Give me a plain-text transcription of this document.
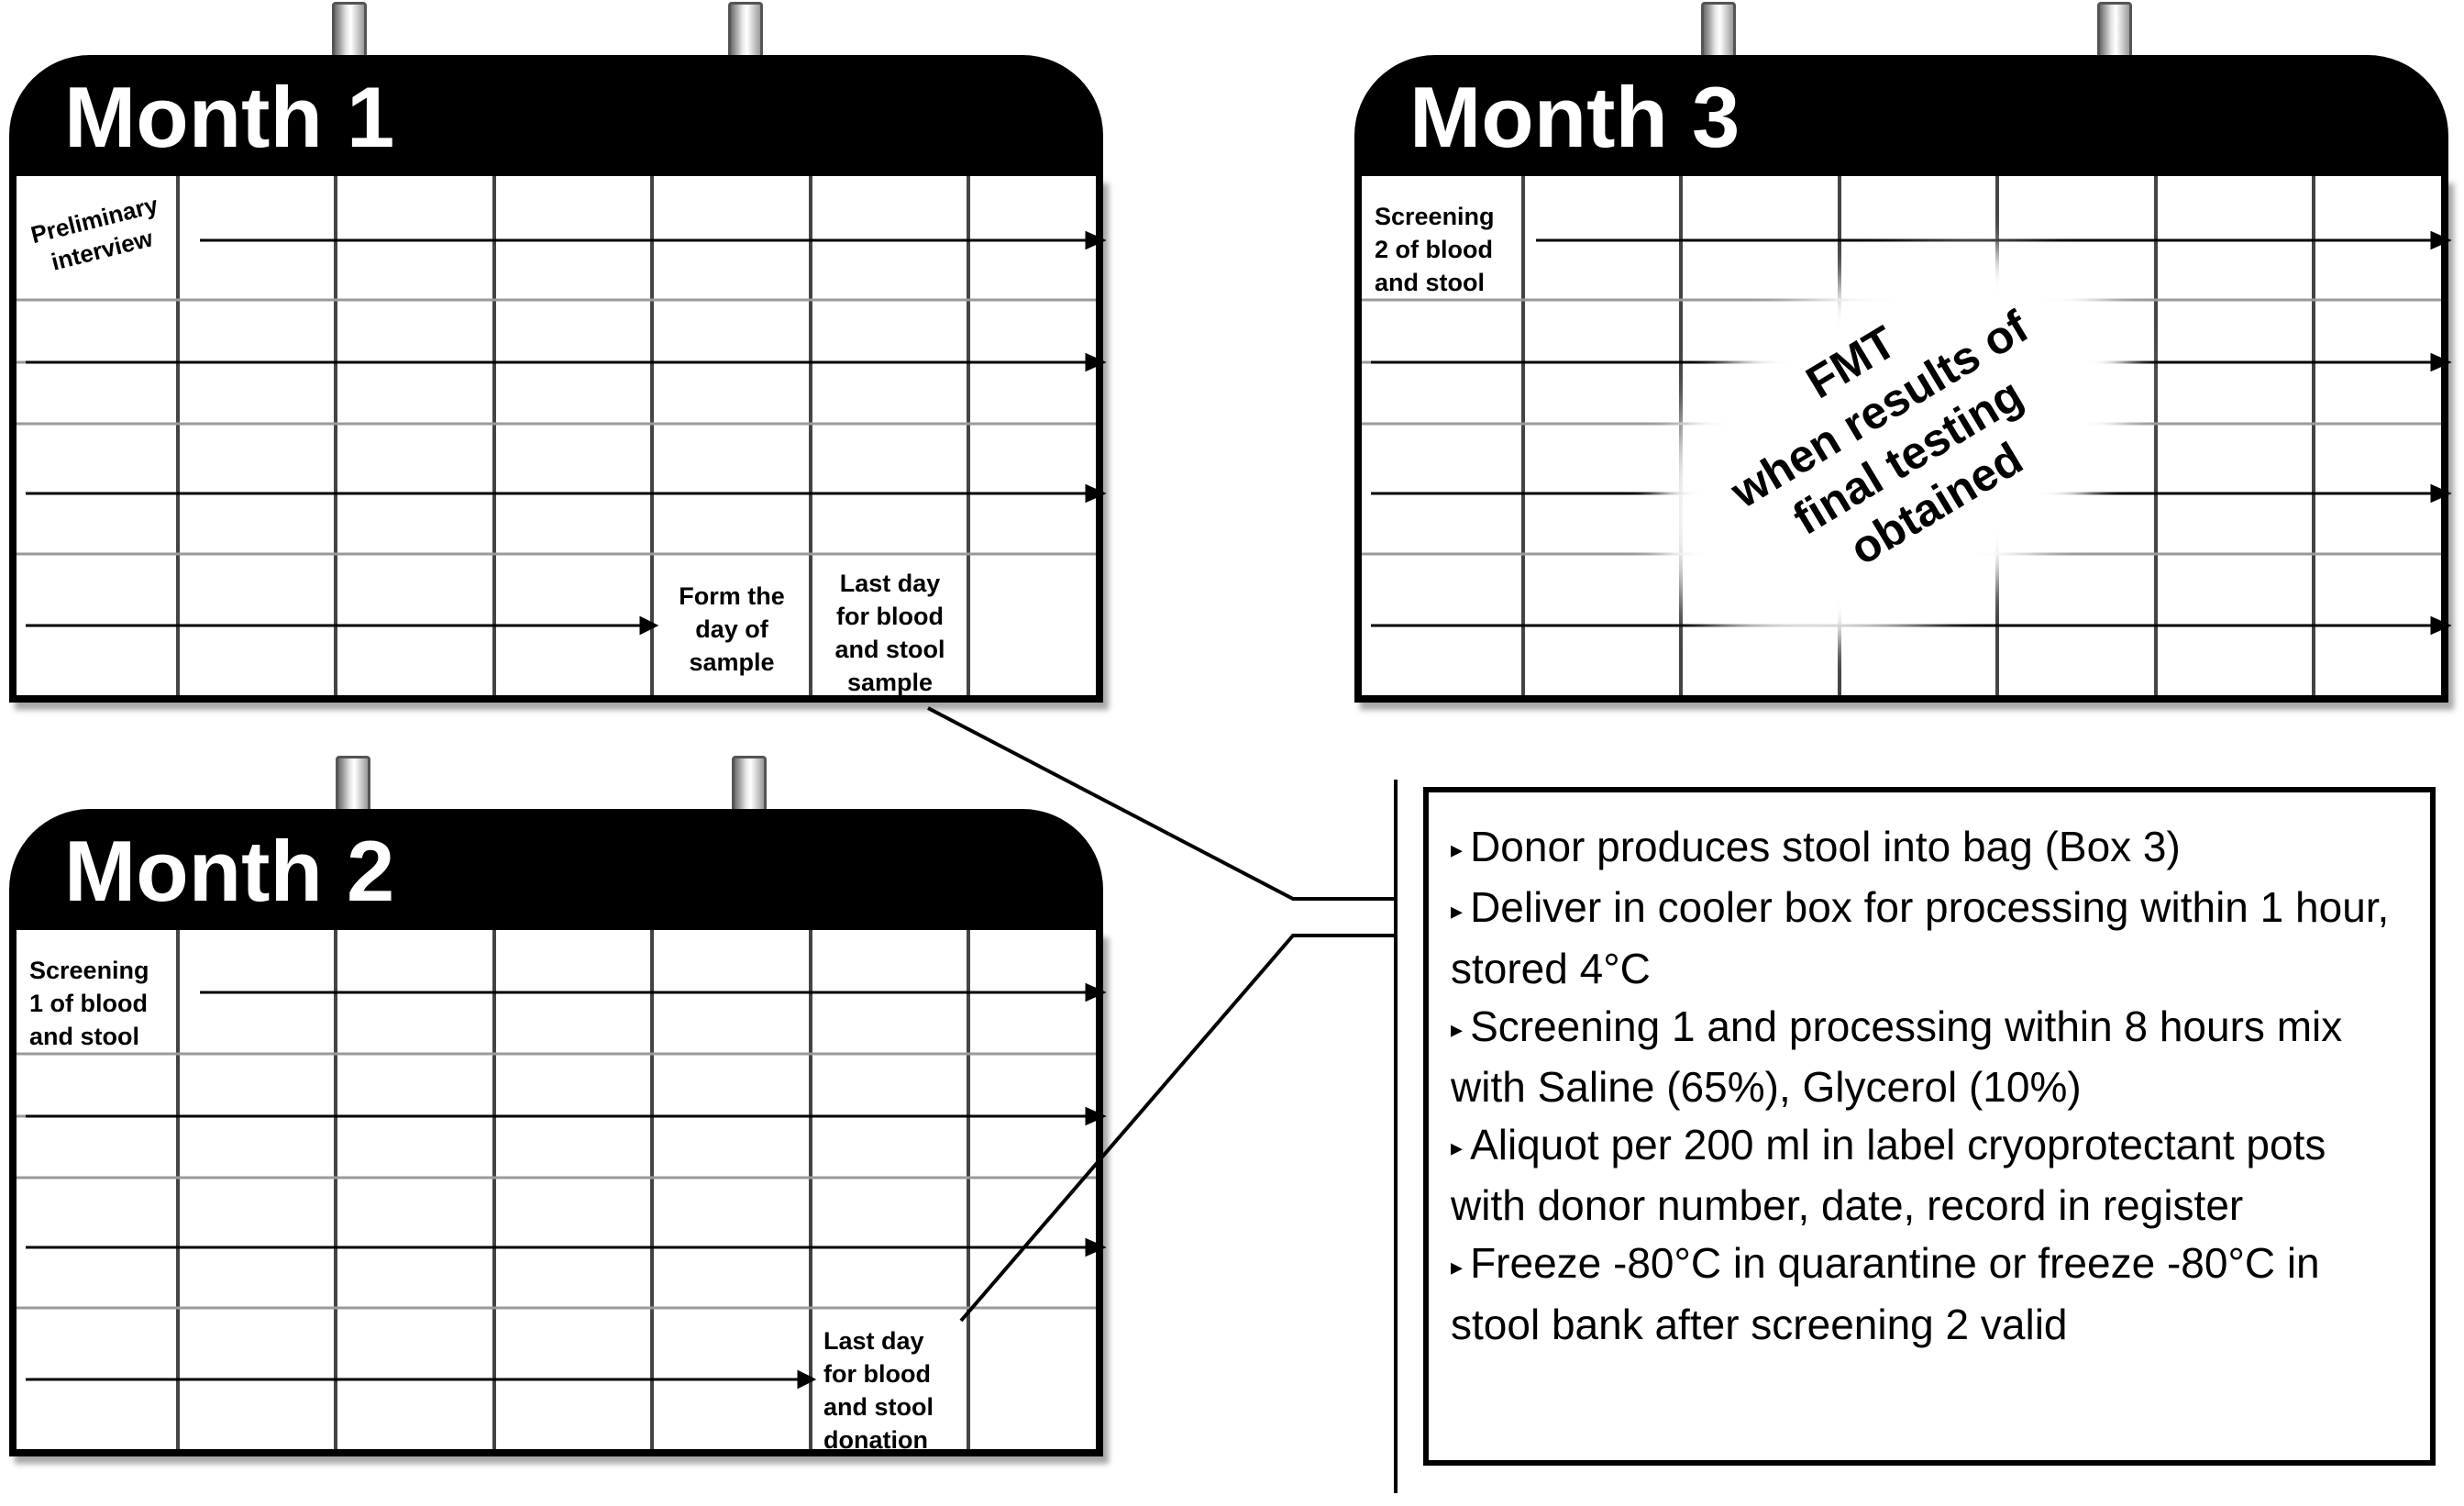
Month 1
Preliminary
interview
Form the
day of
sample
Last day
for blood
and stool
sample
Month 2
Screening
1 of blood
and stool
Last day
for blood
and stool
donation
Month 3
Screening
2 of blood
and stool
FMT
when results of
final testing
obtained

▸ Donor produces stool into bag (Box 3)

▸ Deliver in cooler box for processing within 1 hour, stored 4°C

▸ Screening 1 and processing within 8 hours mix with Saline (65%), Glycerol (10%)

▸ Aliquot per 200 ml in label cryoprotectant pots with donor number, date, record in register

▸ Freeze -80°C in quarantine or freeze -80°C in stool bank after screening 2 valid
